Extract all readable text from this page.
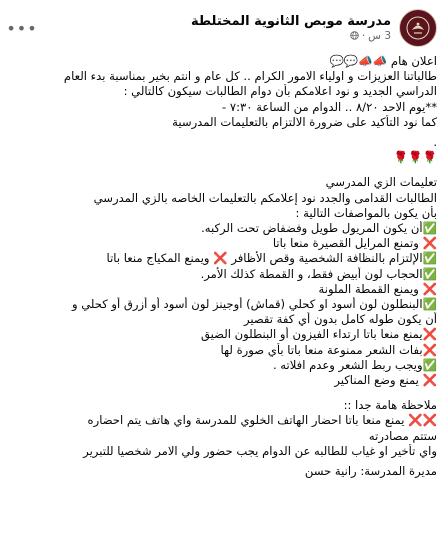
مدرسة موبص الثانوية المختلطة
3 س
·
•••
اعلان هام 📣📣💬💬
طالباتنا العزيزات و اولياء الامور الكرام .. كل عام و انتم بخير بمناسبة بدء العام
الدراسي الجديد و نود اعلامكم بأن دوام الطالبات سيكون كالتالي :
**يوم الاحد ٨/٢٠ .. الدوام من الساعة ٧:٣٠ -
كما نود التأكيد على ضرورة الالتزام بالتعليمات المدرسية
.
🌹🌹🌹
تعليمات الزي المدرسي
الطالبات القدامى والجدد نود إعلامكم بالتعليمات الخاصه بالزي المدرسي
بأن يكون بالمواصفات التالية :
✅أن يكون المريول طويل وفضفاض تحت الركبه.
❌ وتمنع المرايل القصيرة منعا باتا
✅الإلتزام بالنظافة الشخصية وقص الأظافر ❌ ويمنع المكياج منعا باتا
✅الحجاب لون أبيض فقط، و القمطة كذلك الأمر.
❌ ويمنع القمطة الملونة
✅البنطلون لون أسود او كحلي (قماش) أوجينز لون أسود أو أزرق أو كحلي و
أن يكون طوله كامل بدون أي كفة تقصير
❌يمنع منعا باتا ارتداء الفيزون أو البنطلون الضيق
❌بفات الشعر ممنوعة منعا باتا بأي صورة لها
✅ويجب ربط الشعر وعدم افلاته .
❌ يمنع وضع المناكير
ملاحظة هامة جدا ::
❌❌ يمنع منعا باتا احضار الهاتف الخلوي للمدرسة واي هاتف يتم احضاره
ستتم مصادرته
واي تأخير او غياب للطالبه عن الدوام يجب حضور ولي الامر شخصيا للتبرير
مديرة المدرسة: رانية حسن
